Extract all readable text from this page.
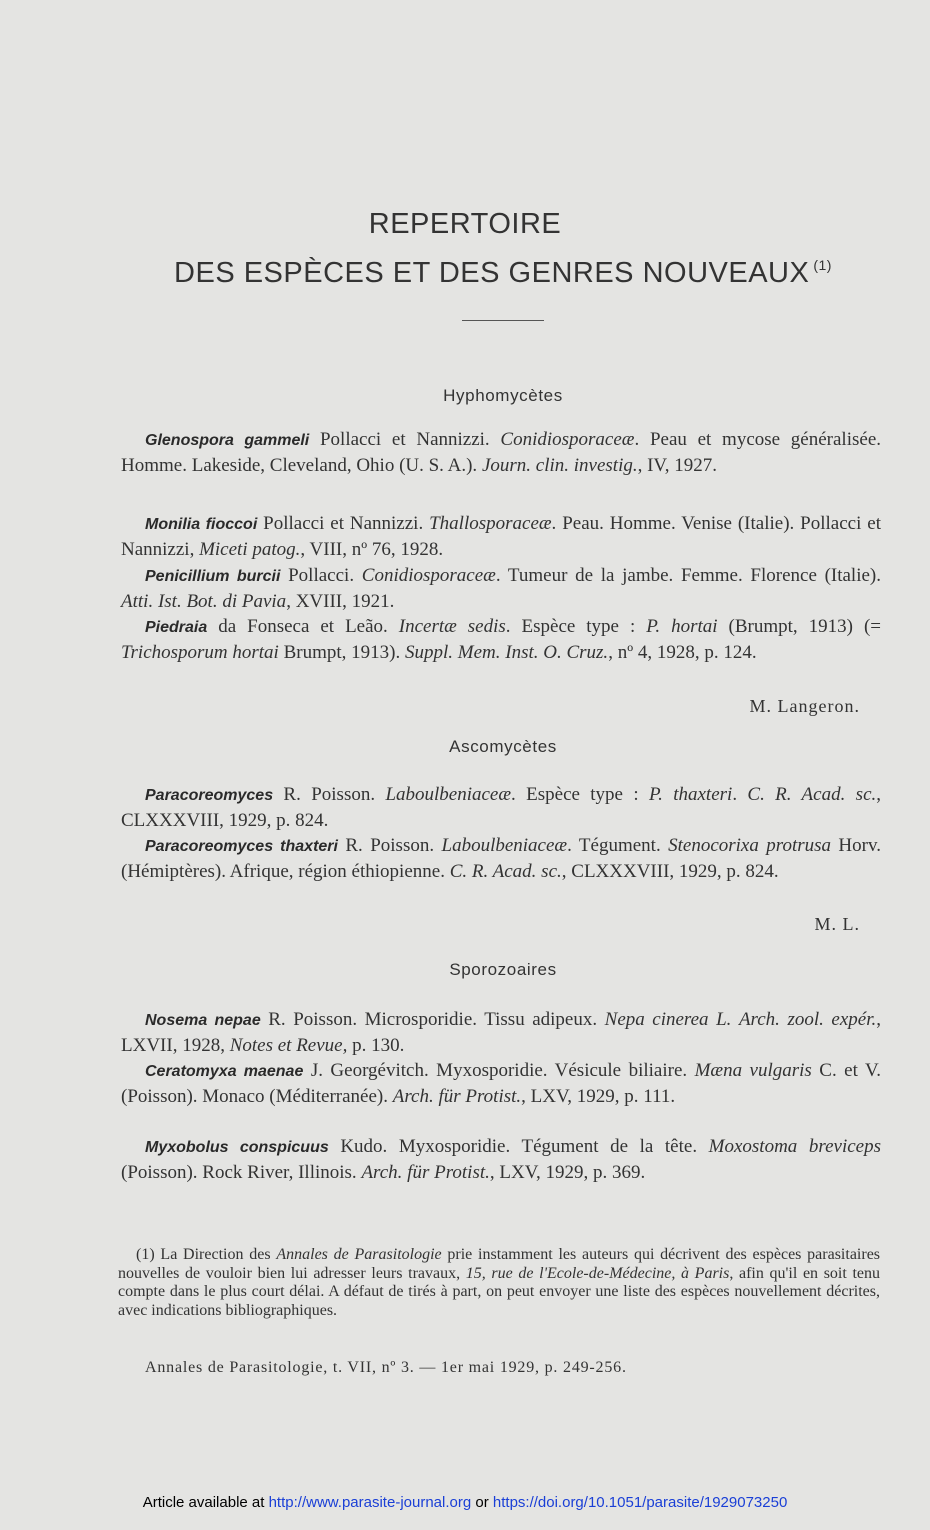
REPERTOIRE
DES ESPÈCES ET DES GENRES NOUVEAUX $^{(1)}$
Hyphomycètes

Glenospora gammeli Pollacci et Nannizzi. Conidiosporaceæ. Peau et mycose généralisée. Homme. Lakeside, Cleveland, Ohio (U. S. A.). Journ. clin. investig., IV, 1927.

Monilia fioccoi Pollacci et Nannizzi. Thallosporaceæ. Peau. Homme. Venise (Italie). Pollacci et Nannizzi, Miceti patog., VIII, nº 76, 1928.

Penicillium burcii Pollacci. Conidiosporaceæ. Tumeur de la jambe. Femme. Florence (Italie). Atti. Ist. Bot. di Pavia, XVIII, 1921.

Piedraia da Fonseca et Leão. Incertæ sedis. Espèce type : P. hortai (Brumpt, 1913) (= Trichosporum hortai Brumpt, 1913). Suppl. Mem. Inst. O. Cruz., nº 4, 1928, p. 124.

M. Langeron.
Ascomycètes

Paracoreomyces R. Poisson. Laboulbeniaceæ. Espèce type : P. thaxteri. C. R. Acad. sc., CLXXXVIII, 1929, p. 824.

Paracoreomyces thaxteri R. Poisson. Laboulbeniaceæ. Tégument. Stenocorixa protrusa Horv. (Hémiptères). Afrique, région éthiopienne. C. R. Acad. sc., CLXXXVIII, 1929, p. 824.

M. L.
Sporozoaires

Nosema nepae R. Poisson. Microsporidie. Tissu adipeux. Nepa cinerea L. Arch. zool. expér., LXVII, 1928, Notes et Revue, p. 130.

Ceratomyxa maenae J. Georgévitch. Myxosporidie. Vésicule biliaire. Mæna vulgaris C. et V. (Poisson). Monaco (Méditerranée). Arch. für Protist., LXV, 1929, p. 111.

Myxobolus conspicuus Kudo. Myxosporidie. Tégument de la tête. Moxostoma breviceps (Poisson). Rock River, Illinois. Arch. für Protist., LXV, 1929, p. 369.

(1) La Direction des Annales de Parasitologie prie instamment les auteurs qui décrivent des espèces parasitaires nouvelles de vouloir bien lui adresser leurs travaux, 15, rue de l'Ecole-de-Médecine, à Paris, afin qu'il en soit tenu compte dans le plus court délai. A défaut de tirés à part, on peut envoyer une liste des espèces nouvellement décrites, avec indications bibliographiques.

Annales de Parasitologie, t. VII, nº 3. — 1er mai 1929, p. 249-256.
Article available at http://www.parasite-journal.org or https://doi.org/10.1051/parasite/1929073250
